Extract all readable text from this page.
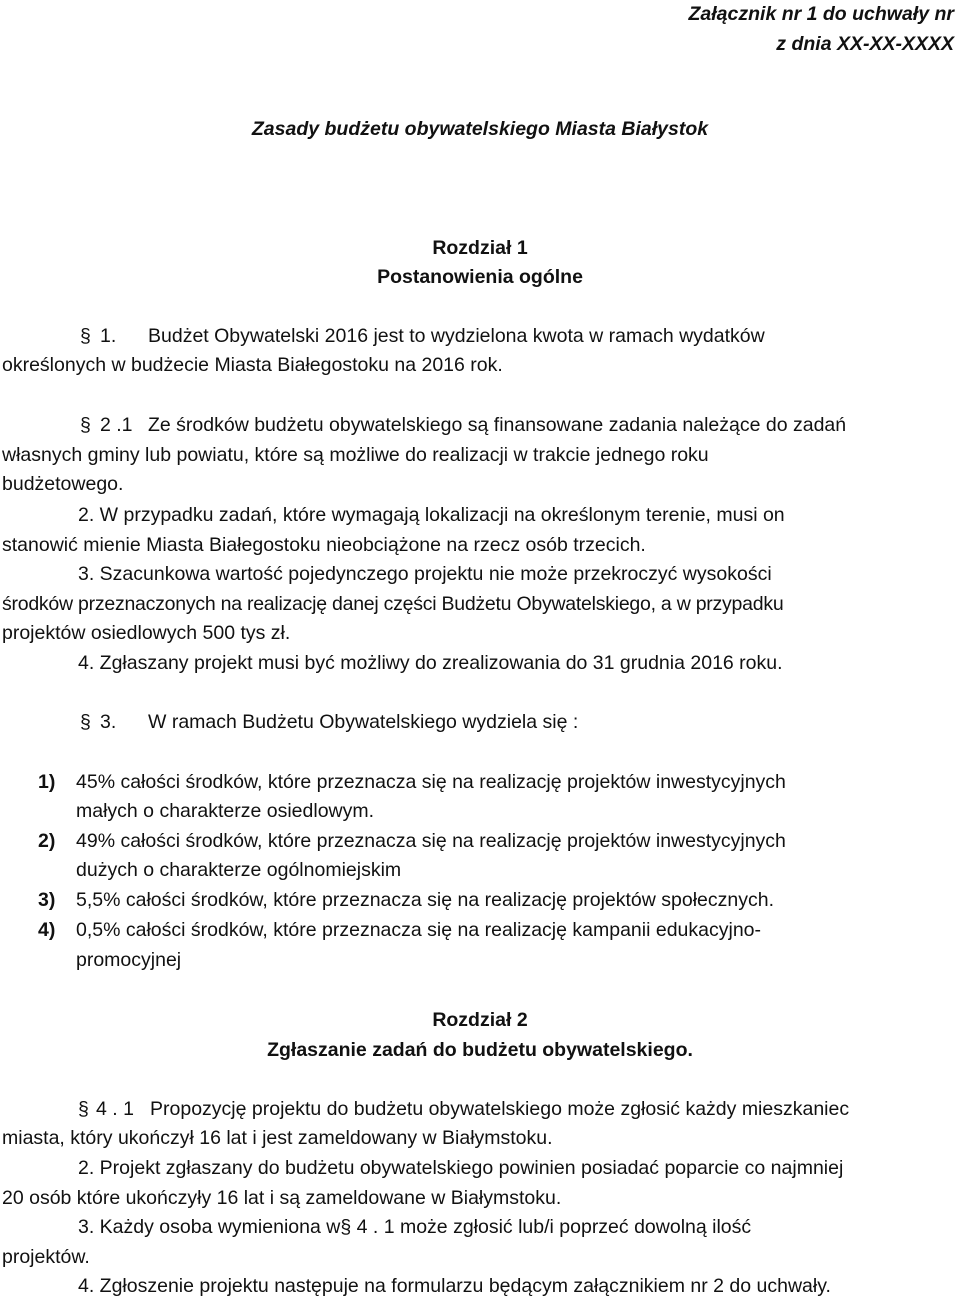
Załącznik nr 1 do uchwały nr
z dnia XX-XX-XXXX
Zasady budżetu obywatelskiego Miasta Białystok
Rozdział 1
Postanowienia ogólne
§ 1. Budżet Obywatelski 2016 jest to wydzielona kwota w ramach wydatków
określonych w budżecie Miasta Białegostoku na 2016 rok.
§ 2 .1 Ze środków budżetu obywatelskiego są finansowane zadania należące do zadań
własnych gminy lub powiatu, które są możliwe do realizacji w trakcie jednego roku
budżetowego.
2. W przypadku zadań, które wymagają lokalizacji na określonym terenie, musi on
stanowić mienie Miasta Białegostoku nieobciążone na rzecz osób trzecich.
3. Szacunkowa wartość pojedynczego projektu nie może przekroczyć wysokości
środków przeznaczonych na realizację danej części Budżetu Obywatelskiego, a w przypadku
projektów osiedlowych 500 tys zł.
4. Zgłaszany projekt musi być możliwy do zrealizowania do 31 grudnia 2016 roku.
§ 3. W ramach Budżetu Obywatelskiego wydziela się :
1) 45% całości środków, które przeznacza się na realizację projektów inwestycyjnych
małych o charakterze osiedlowym.
2) 49% całości środków, które przeznacza się na realizację projektów inwestycyjnych
dużych o charakterze ogólnomiejskim
3) 5,5% całości środków, które przeznacza się na realizację projektów społecznych.
4) 0,5% całości środków, które przeznacza się na realizację kampanii edukacyjno-
promocyjnej
Rozdział 2
Zgłaszanie zadań do budżetu obywatelskiego.
§ 4 . 1 Propozycję projektu do budżetu obywatelskiego może zgłosić każdy mieszkaniec
miasta, który ukończył 16 lat i jest zameldowany w Białymstoku.
2. Projekt zgłaszany do budżetu obywatelskiego powinien posiadać poparcie co najmniej
20 osób które ukończyły 16 lat i są zameldowane w Białymstoku.
3. Każdy osoba wymieniona w§ 4 . 1 może zgłosić lub/i poprzeć dowolną ilość
projektów.
4. Zgłoszenie projektu następuje na formularzu będącym załącznikiem nr 2 do uchwały.
